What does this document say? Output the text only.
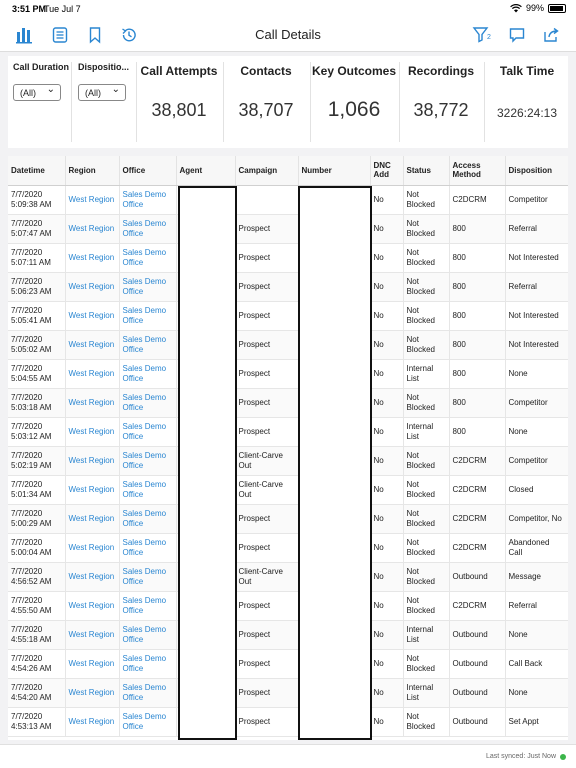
3:51 PM
Tue Jul 7	99%
Call Details	2
Call Duration
(All) ⌄
Dispositio...
(All) ⌄
Call Attempts
38,801
Contacts
38,707
Key Outcomes
1,066
Recordings
38,772
Talk Time
3226:24:13
Datetime	Region	Office	Agent	Campaign	Number	DNC Add	Status	Access Method	Disposition
7/7/2020 5:09:38 AM	West Region	Sales Demo Office				No	Not Blocked	C2DCRM	Competitor
7/7/2020 5:07:47 AM	West Region	Sales Demo Office		Prospect		No	Not Blocked	800	Referral
7/7/2020 5:07:11 AM	West Region	Sales Demo Office		Prospect		No	Not Blocked	800	Not Interested
7/7/2020 5:06:23 AM	West Region	Sales Demo Office		Prospect		No	Not Blocked	800	Referral
7/7/2020 5:05:41 AM	West Region	Sales Demo Office		Prospect		No	Not Blocked	800	Not Interested
7/7/2020 5:05:02 AM	West Region	Sales Demo Office		Prospect		No	Not Blocked	800	Not Interested
7/7/2020 5:04:55 AM	West Region	Sales Demo Office		Prospect		No	Internal List	800	None
7/7/2020 5:03:18 AM	West Region	Sales Demo Office		Prospect		No	Not Blocked	800	Competitor
7/7/2020 5:03:12 AM	West Region	Sales Demo Office		Prospect		No	Internal List	800	None
7/7/2020 5:02:19 AM	West Region	Sales Demo Office		Client-Carve Out		No	Not Blocked	C2DCRM	Competitor
7/7/2020 5:01:34 AM	West Region	Sales Demo Office		Client-Carve Out		No	Not Blocked	C2DCRM	Closed
7/7/2020 5:00:29 AM	West Region	Sales Demo Office		Prospect		No	Not Blocked	C2DCRM	Competitor, No
7/7/2020 5:00:04 AM	West Region	Sales Demo Office		Prospect		No	Not Blocked	C2DCRM	Abandoned Call
7/7/2020 4:56:52 AM	West Region	Sales Demo Office		Client-Carve Out		No	Not Blocked	Outbound	Message
7/7/2020 4:55:50 AM	West Region	Sales Demo Office		Prospect		No	Not Blocked	C2DCRM	Referral
7/7/2020 4:55:18 AM	West Region	Sales Demo Office		Prospect		No	Internal List	Outbound	None
7/7/2020 4:54:26 AM	West Region	Sales Demo Office		Prospect		No	Not Blocked	Outbound	Call Back
7/7/2020 4:54:20 AM	West Region	Sales Demo Office		Prospect		No	Internal List	Outbound	None
7/7/2020 4:53:13 AM	West Region	Sales Demo Office		Prospect		No	Not Blocked	Outbound	Set Appt
Last synced: Just Now
